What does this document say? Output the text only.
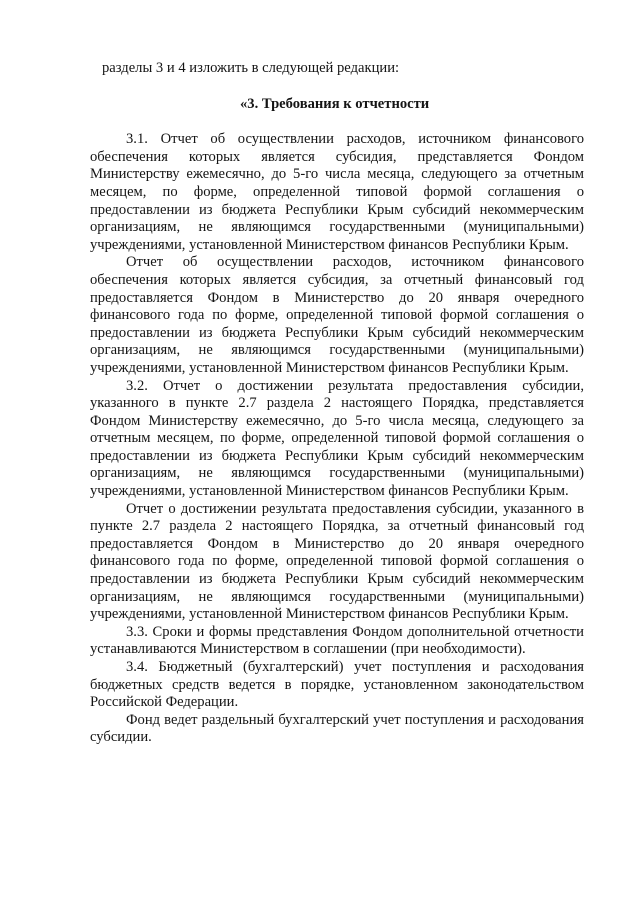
разделы 3 и 4 изложить в следующей редакции:

«3. Требования к отчетности

3.1. Отчет об осуществлении расходов, источником финансового обеспечения которых является субсидия, представляется Фондом Министерству ежемесячно, до 5-го числа месяца, следующего за отчетным месяцем, по форме, определенной типовой формой соглашения о предоставлении из бюджета Республики Крым субсидий некоммерческим организациям, не являющимся государственными (муниципальными) учреждениями, установленной Министерством финансов Республики Крым.

Отчет об осуществлении расходов, источником финансового обеспечения которых является субсидия, за отчетный финансовый год предоставляется Фондом в Министерство до 20 января очередного финансового года по форме, определенной типовой формой соглашения о предоставлении из бюджета Республики Крым субсидий некоммерческим организациям, не являющимся государственными (муниципальными) учреждениями, установленной Министерством финансов Республики Крым.

3.2. Отчет о достижении результата предоставления субсидии, указанного в пункте 2.7 раздела 2 настоящего Порядка, представляется Фондом Министерству ежемесячно, до 5-го числа месяца, следующего за отчетным месяцем, по форме, определенной типовой формой соглашения о предоставлении из бюджета Республики Крым субсидий некоммерческим организациям, не являющимся государственными (муниципальными) учреждениями, установленной Министерством финансов Республики Крым.

Отчет о достижении результата предоставления субсидии, указанного в пункте 2.7 раздела 2 настоящего Порядка, за отчетный финансовый год предоставляется Фондом в Министерство до 20 января очередного финансового года по форме, определенной типовой формой соглашения о предоставлении из бюджета Республики Крым субсидий некоммерческим организациям, не являющимся государственными (муниципальными) учреждениями, установленной Министерством финансов Республики Крым.

3.3. Сроки и формы представления Фондом дополнительной отчетности устанавливаются Министерством в соглашении (при необходимости).

3.4. Бюджетный (бухгалтерский) учет поступления и расходования бюджетных средств ведется в порядке, установленном законодательством Российской Федерации.

Фонд ведет раздельный бухгалтерский учет поступления и расходования субсидии.
